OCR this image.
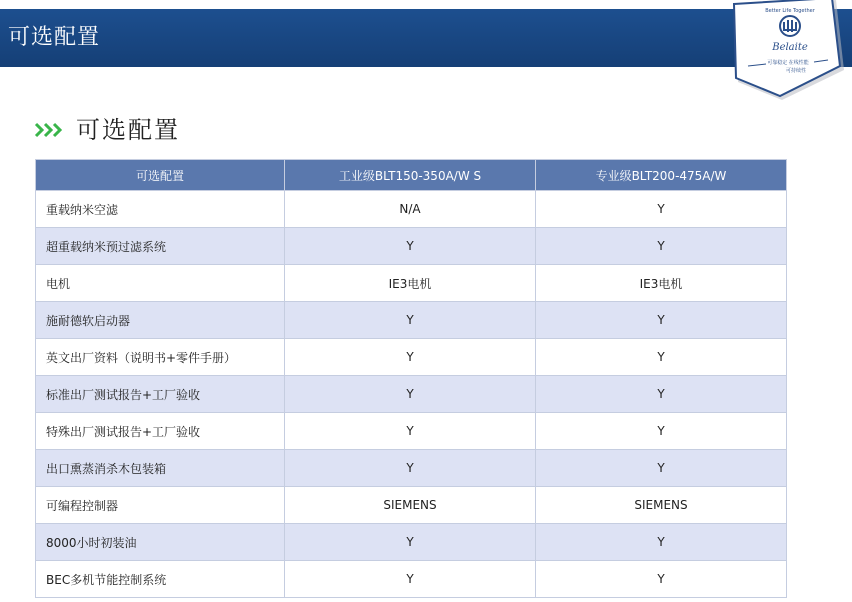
可选配置
Better Life Together
Belaite
可靠稳定 在线性能
可持续性
可选配置
可选配置	工业级BLT150-350A/W S	专业级BLT200-475A/W
重载纳米空滤	N/A	Y
超重载纳米预过滤系统	Y	Y
电机	IE3电机	IE3电机
施耐德软启动器	Y	Y
英文出厂资料（说明书+零件手册）	Y	Y
标准出厂测试报告+工厂验收	Y	Y
特殊出厂测试报告+工厂验收	Y	Y
出口熏蒸消杀木包装箱	Y	Y
可编程控制器	SIEMENS	SIEMENS
8000小时初装油	Y	Y
BEC多机节能控制系统	Y	Y
